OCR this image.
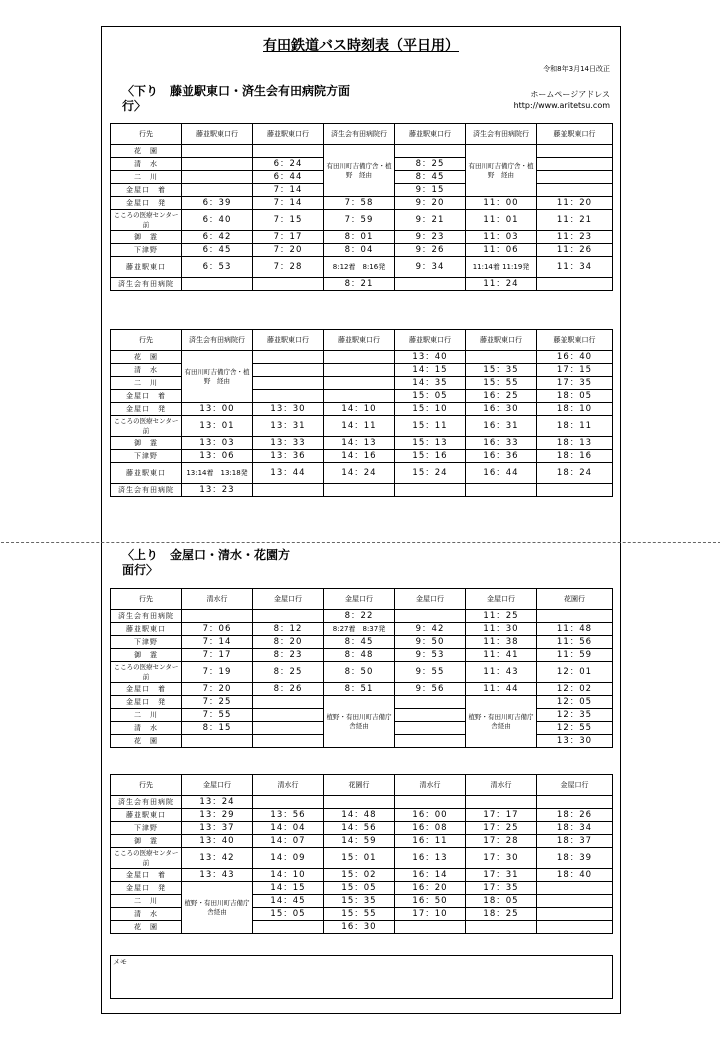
有田鉄道バス時刻表（平日用）
令和8年3月14日改正
〈下り　藤並駅東口・済生会有田病院方面
行〉
ホームページアドレス
http://www.aritetsu.com
行先	藤並駅東口行	藤並駅東口行	済生会有田病院行	藤並駅東口行	済生会有田病院行	藤並駅東口行
花　園			有田川町吉備庁舎・植野　経由		有田川町吉備庁舎・植野　経由	
清　水		6：24		8：25		
二　川		6：44		8：45		
金屋口　着		7：14		9：15		
金屋口　発	6：39	7：14	7：58	9：20	11：00	11：20
こころの医療センター前	6：40	7：15	7：59	9：21	11：01	11：21
御　霊	6：42	7：17	8：01	9：23	11：03	11：23
下津野	6：45	7：20	8：04	9：26	11：06	11：26
藤並駅東口	6：53	7：28	8:12着　8:16発	9：34	11:14着 11:19発	11：34
済生会有田病院			8：21		11：24	
行先	済生会有田病院行	藤並駅東口行	藤並駅東口行	藤並駅東口行	藤並駅東口行	藤並駅東口行
花　園	有田川町吉備庁舎・植野　経由			13：40		16：40
清　水				14：15	15：35	17：15
二　川				14：35	15：55	17：35
金屋口　着				15：05	16：25	18：05
金屋口　発	13：00	13：30	14：10	15：10	16：30	18：10
こころの医療センター前	13：01	13：31	14：11	15：11	16：31	18：11
御　霊	13：03	13：33	14：13	15：13	16：33	18：13
下津野	13：06	13：36	14：16	15：16	16：36	18：16
藤並駅東口	13:14着　13:18発	13：44	14：24	15：24	16：44	18：24
済生会有田病院	13：23					
〈上り　金屋口・清水・花園方
面行〉
行先	清水行	金屋口行	金屋口行	金屋口行	金屋口行	花園行
済生会有田病院			8：22		11：25	
藤並駅東口	7：06	8：12	8:27着　8:37発	9：42	11：30	11：48
下津野	7：14	8：20	8：45	9：50	11：38	11：56
御　霊	7：17	8：23	8：48	9：53	11：41	11：59
こころの医療センター前	7：19	8：25	8：50	9：55	11：43	12：01
金屋口　着	7：20	8：26	8：51	9：56	11：44	12：02
金屋口　発	7：25		植野・有田川町吉備庁舎経由		植野・有田川町吉備庁舎経由	12：05
二　川	7：55					12：35
清　水	8：15					12：55
花　園						13：30
行先	金屋口行	清水行	花園行	清水行	清水行	金屋口行
済生会有田病院	13：24					
藤並駅東口	13：29	13：56	14：48	16：00	17：17	18：26
下津野	13：37	14：04	14：56	16：08	17：25	18：34
御　霊	13：40	14：07	14：59	16：11	17：28	18：37
こころの医療センター前	13：42	14：09	15：01	16：13	17：30	18：39
金屋口　着	13：43	14：10	15：02	16：14	17：31	18：40
金屋口　発	植野・有田川町吉備庁舎経由	14：15	15：05	16：20	17：35	
二　川		14：45	15：35	16：50	18：05	
清　水		15：05	15：55	17：10	18：25	
花　園			16：30			
メモ
